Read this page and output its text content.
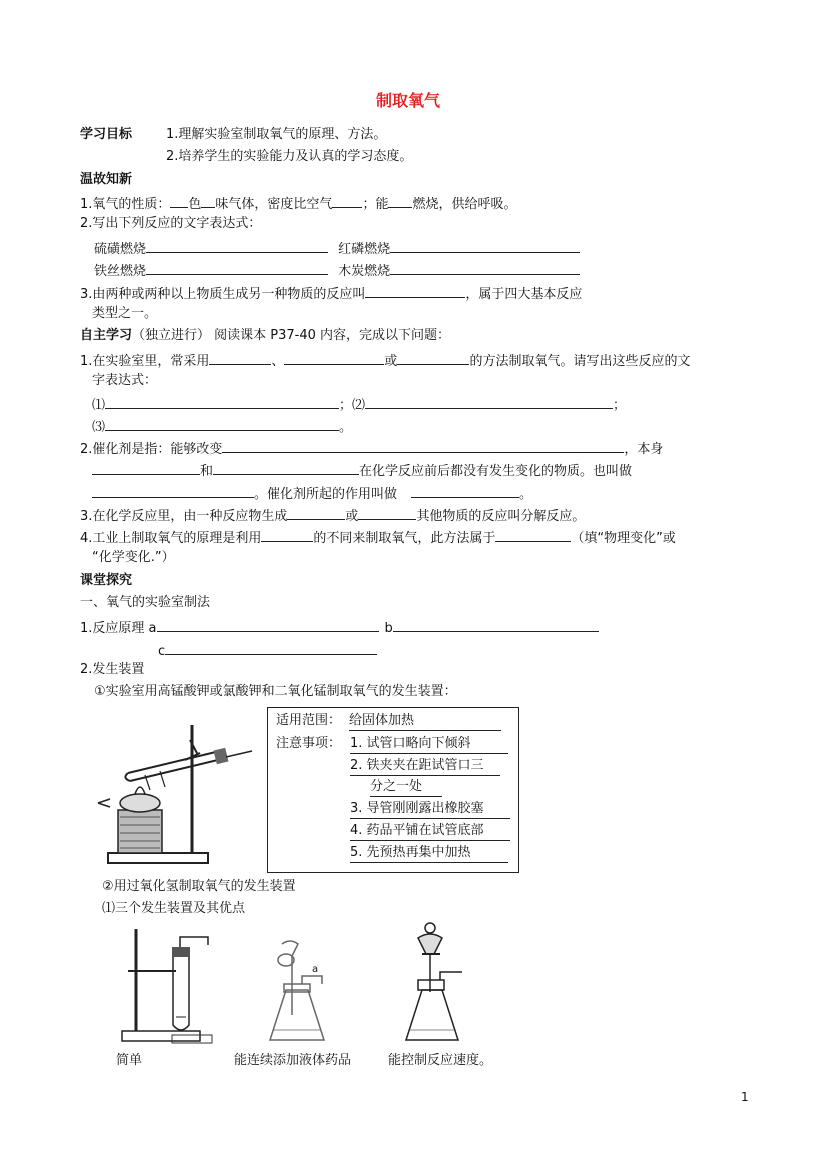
制取氧气
学习目标	1.理解实验室制取氧气的原理、方法。
2.培养学生的实验能力及认真的学习态度。
温故知新
1.氧气的性质： 色 味气体，密度比空气 ；能 燃烧，供给呼吸。
2.写出下列反应的文字表达式：
硫磺燃烧	红磷燃烧
铁丝燃烧	木炭燃烧
3.由两种或两种以上物质生成另一种物质的反应叫	，属于四大基本反应
类型之一。
自主学习（独立进行） 阅读课本 P37-40 内容，完成以下问题：
1.在实验室里，常采用	、	或	的方法制取氧气。请写出这些反应的文
字表达式：
⑴	；⑵	；
⑶	。
2.催化剂是指：能够改变	，本身
和	在化学反应前后都没有发生变化的物质。也叫做
。催化剂所起的作用叫做	。
3.在化学反应里，由一种反应物生成	或	其他物质的反应叫分解反应。
4.工业上制取氧气的原理是利用	的不同来制取氧气，此方法属于	（填“物理变化”或
“化学变化.”）
课堂探究
一、氧气的实验室制法
1.反应原理 a	b
c
2.发生装置
①实验室用高锰酸钾或氯酸钾和二氧化锰制取氧气的发生装置：
适用范围： 给固体加热
注意事项： 1. 试管口略向下倾斜
2. 铁夹夹在距试管口三
分之一处
3. 导管刚刚露出橡胶塞
4. 药品平铺在试管底部
5. 先预热再集中加热
②用过氧化氢制取氧气的发生装置
⑴三个发生装置及其优点
a
简单	能连续添加液体药品	能控制反应速度。
1
